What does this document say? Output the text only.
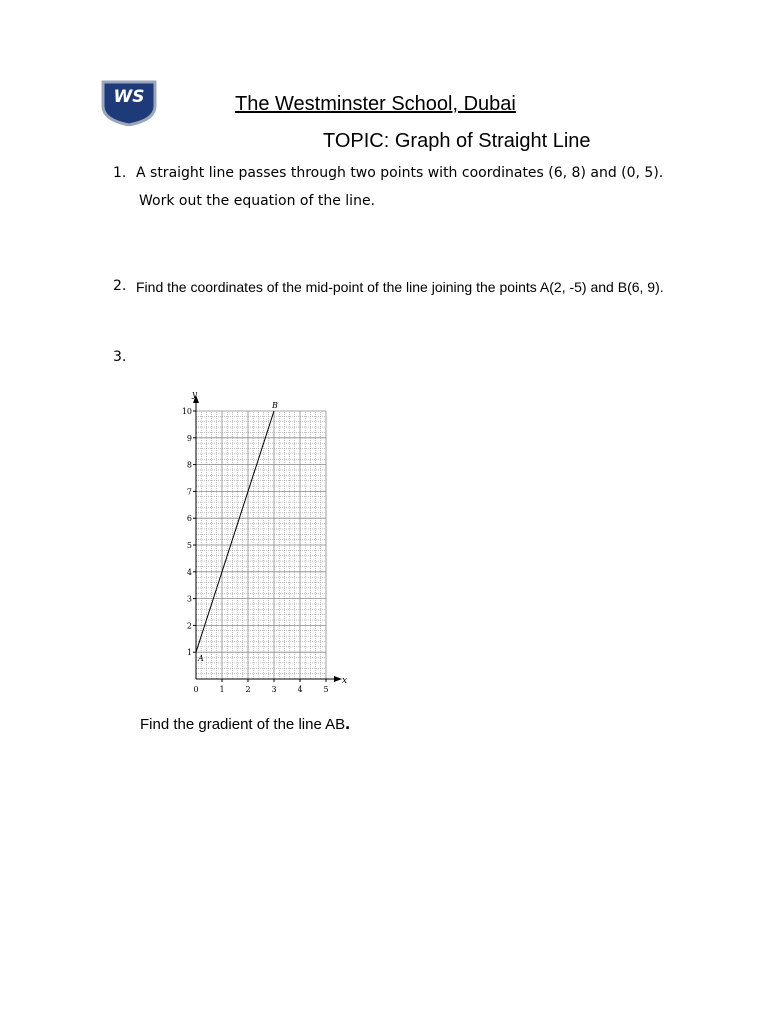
WS	The Westminster School, Dubai
TOPIC: Graph of Straight Line
1. A straight line passes through two points with coordinates (6, 8) and (0, 5).
Work out the equation of the line.
2. Find the coordinates of the mid-point of the line joining the points A(2, -5) and B(6, 9).
3.
x
y
0	1	2	3	4	5
1
2
3
4
5
6
7
8
9
10
A
B
Find the gradient of the line AB.
